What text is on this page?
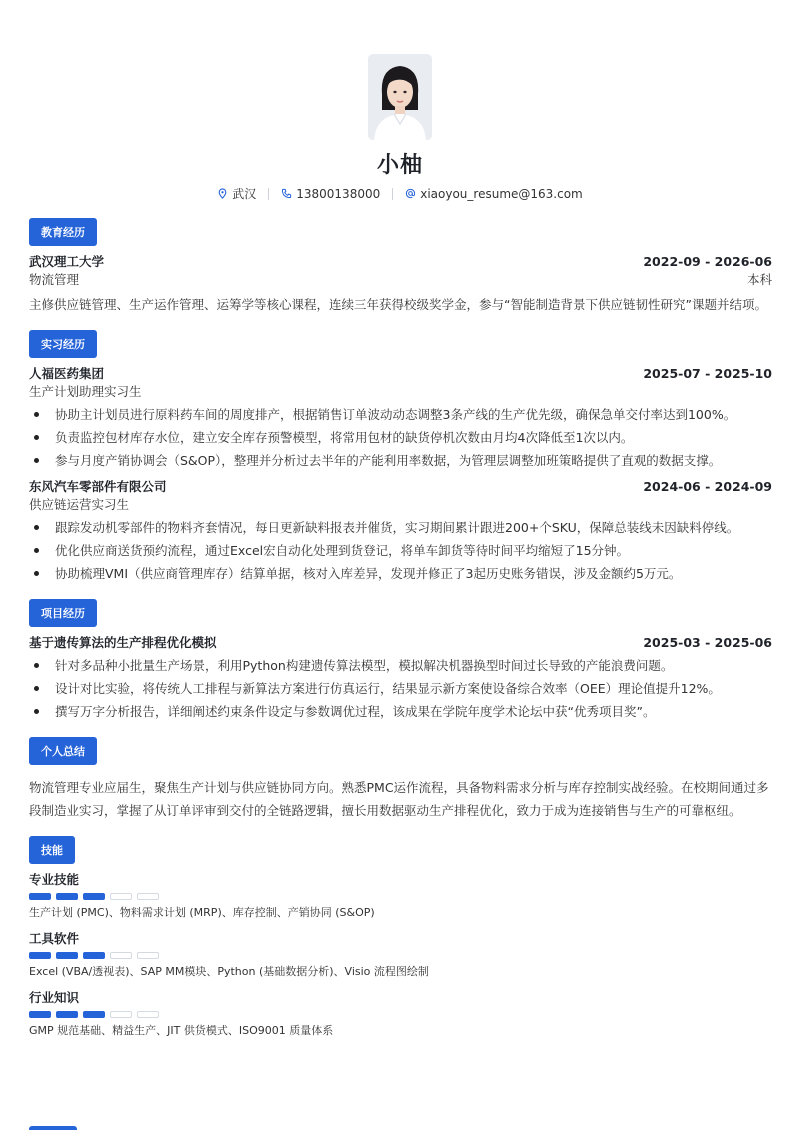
小柚
武汉	13800138000	xiaoyou_resume@163.com
教育经历
武汉理工大学	2022-09 - 2026-06
物流管理	本科
主修供应链管理、生产运作管理、运筹学等核心课程，连续三年获得校级奖学金，参与“智能制造背景下供应链韧性研究”课题并结项。
实习经历
人福医药集团	2025-07 - 2025-10
生产计划助理实习生
协助主计划员进行原料药车间的周度排产，根据销售订单波动动态调整3条产线的生产优先级，确保急单交付率达到100%。
负责监控包材库存水位，建立安全库存预警模型，将常用包材的缺货停机次数由月均4次降低至1次以内。
参与月度产销协调会（S&OP），整理并分析过去半年的产能利用率数据，为管理层调整加班策略提供了直观的数据支撑。
东风汽车零部件有限公司	2024-06 - 2024-09
供应链运营实习生
跟踪发动机零部件的物料齐套情况，每日更新缺料报表并催货，实习期间累计跟进200+个SKU，保障总装线未因缺料停线。
优化供应商送货预约流程，通过Excel宏自动化处理到货登记，将单车卸货等待时间平均缩短了15分钟。
协助梳理VMI（供应商管理库存）结算单据，核对入库差异，发现并修正了3起历史账务错误，涉及金额约5万元。
项目经历
基于遗传算法的生产排程优化模拟	2025-03 - 2025-06
针对多品种小批量生产场景，利用Python构建遗传算法模型，模拟解决机器换型时间过长导致的产能浪费问题。
设计对比实验，将传统人工排程与新算法方案进行仿真运行，结果显示新方案使设备综合效率（OEE）理论值提升12%。
撰写万字分析报告，详细阐述约束条件设定与参数调优过程，该成果在学院年度学术论坛中获“优秀项目奖”。
个人总结
物流管理专业应届生，聚焦生产计划与供应链协同方向。熟悉PMC运作流程，具备物料需求分析与库存控制实战经验。在校期间通过多段制造业实习，掌握了从订单评审到交付的全链路逻辑，擅长用数据驱动生产排程优化，致力于成为连接销售与生产的可靠枢纽。
技能
专业技能
生产计划 (PMC)、物料需求计划 (MRP)、库存控制、产销协同 (S&OP)
工具软件
Excel (VBA/透视表)、SAP MM模块、Python (基础数据分析)、Visio 流程图绘制
行业知识
GMP 规范基础、精益生产、JIT 供货模式、ISO9001 质量体系
